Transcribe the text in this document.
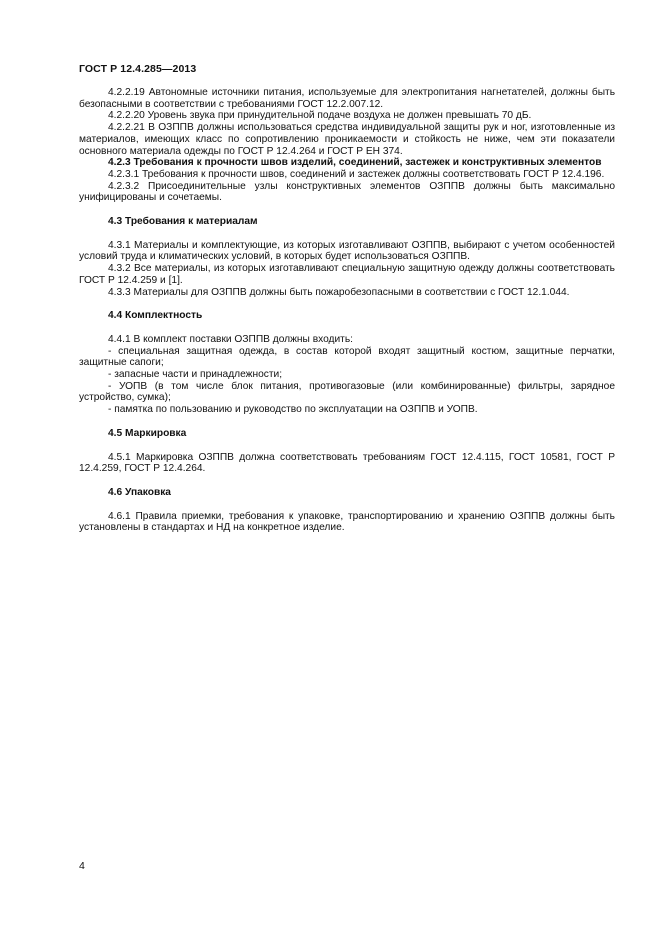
ГОСТ Р 12.4.285—2013

4.2.2.19 Автономные источники питания, используемые для электропитания нагнетателей, должны быть безопасными в соответствии с требованиями ГОСТ 12.2.007.12.

4.2.2.20 Уровень звука при принудительной подаче воздуха не должен превышать 70 дБ.

4.2.2.21 В ОЗППВ должны использоваться средства индивидуальной защиты рук и ног, изготовленные из материалов, имеющих класс по сопротивлению проникаемости и стойкость не ниже, чем эти показатели основного материала одежды по ГОСТ Р 12.4.264 и ГОСТ Р ЕН 374.

4.2.3 Требования к прочности швов изделий, соединений, застежек и конструктивных элементов

4.2.3.1 Требования к прочности швов, соединений и застежек должны соответствовать ГОСТ Р 12.4.196.

4.2.3.2 Присоединительные узлы конструктивных элементов ОЗППВ должны быть максимально унифицированы и сочетаемы.

4.3 Требования к материалам

4.3.1 Материалы и комплектующие, из которых изготавливают ОЗППВ, выбирают с учетом особенностей условий труда и климатических условий, в которых будет использоваться ОЗППВ.

4.3.2 Все материалы, из которых изготавливают специальную защитную одежду должны соответствовать ГОСТ Р 12.4.259 и [1].

4.3.3 Материалы для ОЗППВ должны быть пожаробезопасными в соответствии с ГОСТ 12.1.044.

4.4 Комплектность

4.4.1 В комплект поставки ОЗППВ должны входить:

- специальная защитная одежда, в состав которой входят защитный костюм, защитные перчатки, защитные сапоги;

- запасные части и принадлежности;

- УОПВ (в том числе блок питания, противогазовые (или комбинированные) фильтры, зарядное устройство, сумка);

- памятка по пользованию и руководство по эксплуатации на ОЗППВ и УОПВ.

4.5 Маркировка

4.5.1 Маркировка ОЗППВ должна соответствовать требованиям ГОСТ 12.4.115, ГОСТ 10581, ГОСТ Р 12.4.259, ГОСТ Р 12.4.264.

4.6 Упаковка

4.6.1 Правила приемки, требования к упаковке, транспортированию и хранению ОЗППВ должны быть установлены в стандартах и НД на конкретное изделие.

4
